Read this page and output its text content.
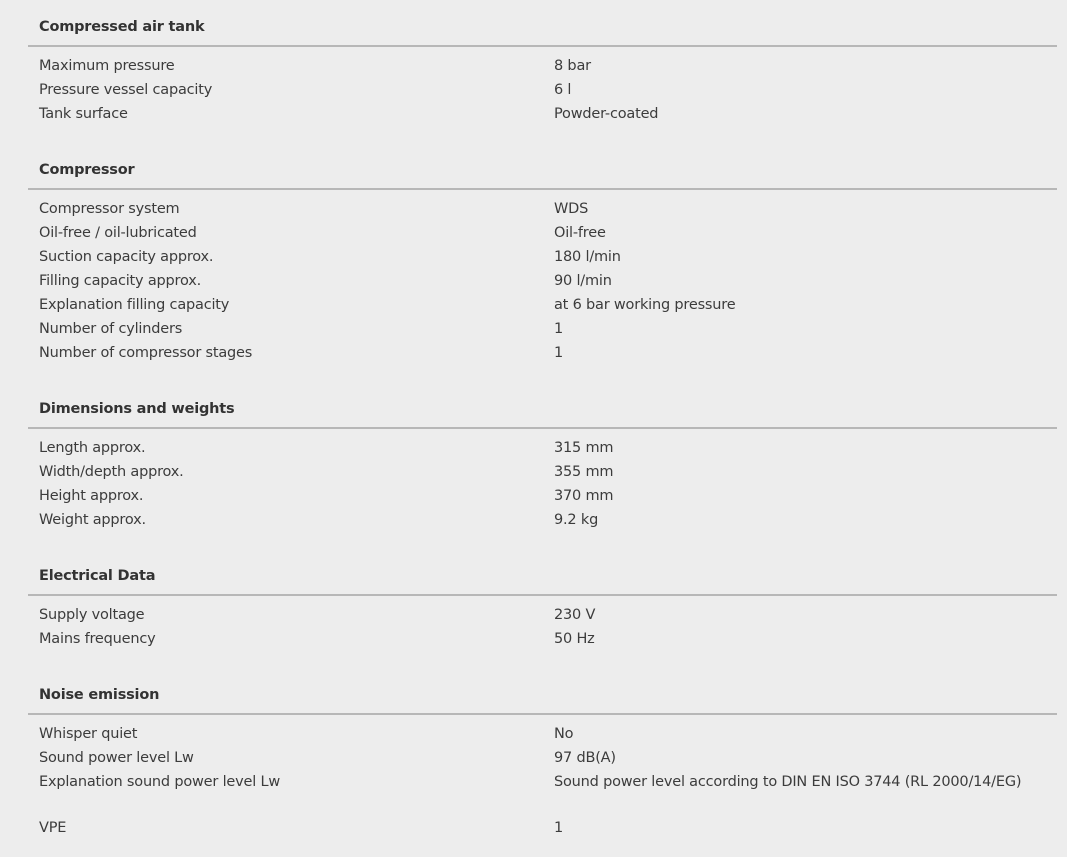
Compressed air tank
Maximum pressure	8 bar
Pressure vessel capacity	6 l
Tank surface	Powder-coated
Compressor
Compressor system	WDS
Oil-free / oil-lubricated	Oil-free
Suction capacity approx.	180 l/min
Filling capacity approx.	90 l/min
Explanation filling capacity	at 6 bar working pressure
Number of cylinders	1
Number of compressor stages	1
Dimensions and weights
Length approx.	315 mm
Width/depth approx.	355 mm
Height approx.	370 mm
Weight approx.	9.2 kg
Electrical Data
Supply voltage	230 V
Mains frequency	50 Hz
Noise emission
Whisper quiet	No
Sound power level Lw	97 dB(A)
Explanation sound power level Lw	Sound power level according to DIN EN ISO 3744 (RL 2000/14/EG)
VPE	1
